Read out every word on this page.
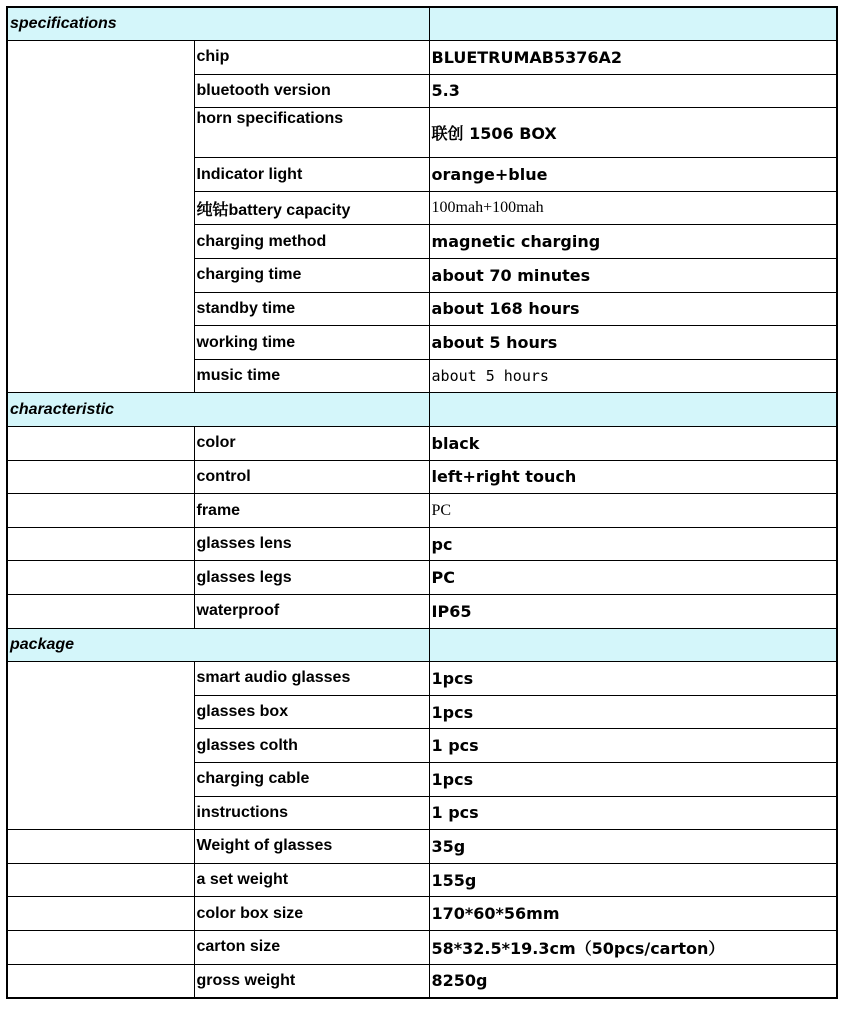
specifications		
	chip	BLUETRUMAB5376A2
	bluetooth version	5.3
	horn specifications	联创 1506 BOX
	Indicator light	orange+blue
	纯钴battery capacity	100mah+100mah
	charging method	magnetic charging
	charging time	about 70 minutes
	standby time	about 168 hours
	working time	about 5 hours
	music time	about 5 hours
characteristic		
	color	black
	control	left+right touch
	frame	PC
	glasses lens	pc
	glasses legs	PC
	waterproof	IP65
package		
	smart audio glasses	1pcs
	glasses box	1pcs
	glasses colth	1 pcs
	charging cable	1pcs
	instructions	1 pcs
	Weight of glasses	35g
	a set weight	155g
	color box size	170*60*56mm
	carton size	58*32.5*19.3cm（50pcs/carton）
	gross weight	8250g
